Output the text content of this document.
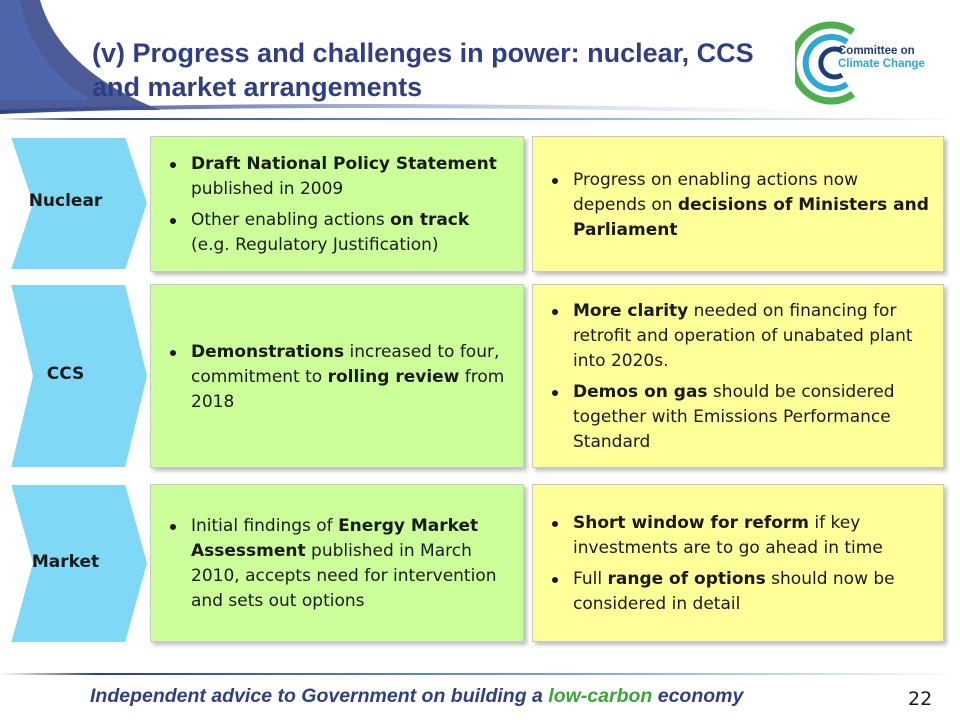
(v) Progress and challenges in power: nuclear, CCS and market arrangements
Committee on
Climate Change
Nuclear
CCS
Market
Draft National Policy Statement published in 2009
Other enabling actions on track (e.g. Regulatory Justification)
Progress on enabling actions now depends on decisions of Ministers and Parliament
Demonstrations increased to four, commitment to rolling review from 2018
More clarity needed on financing for retrofit and operation of unabated plant into 2020s.
Demos on gas should be considered together with Emissions Performance Standard
Initial findings of Energy Market Assessment published in March 2010, accepts need for intervention and sets out options
Short window for reform if key investments are to go ahead in time
Full range of options should now be considered in detail
Independent advice to Government on building a low-carbon economy	22
